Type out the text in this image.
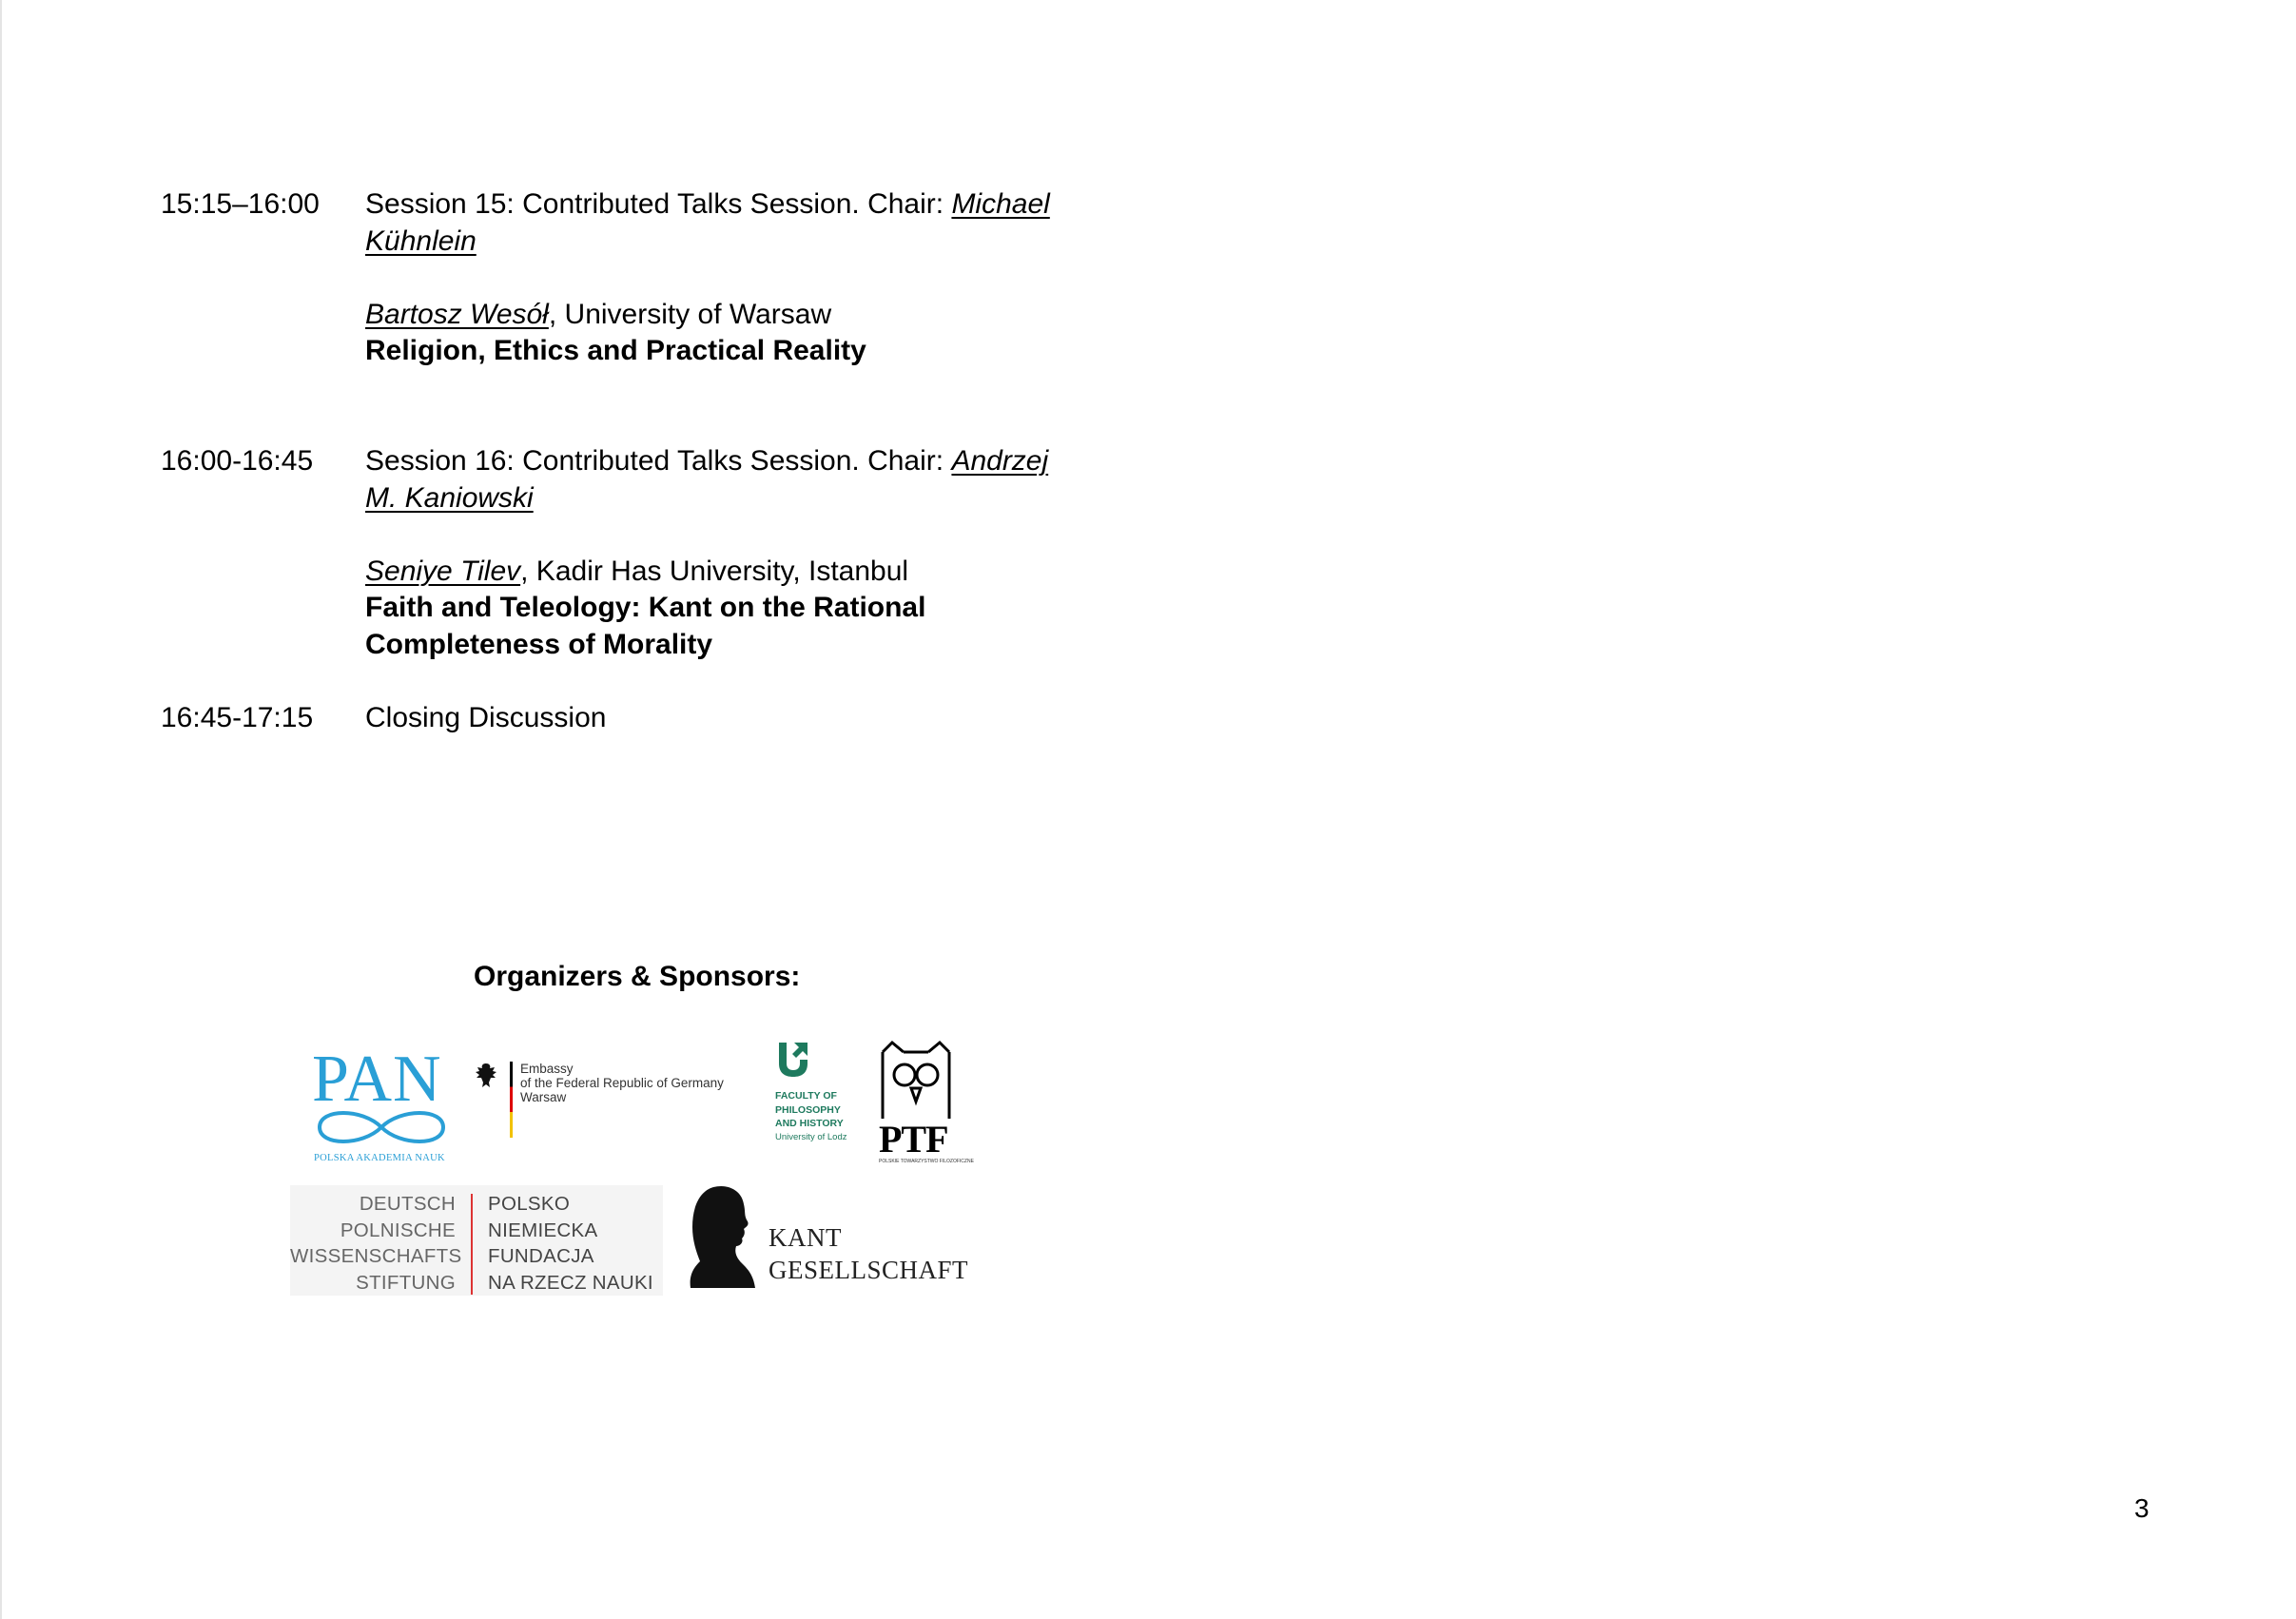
15:15–16:00 Session 15: Contributed Talks Session. Chair: Michael
Kühnlein
Bartosz Wesół, University of Warsaw
Religion, Ethics and Practical Reality
16:00-16:45 Session 16: Contributed Talks Session. Chair: Andrzej
M. Kaniowski
Seniye Tilev, Kadir Has University, Istanbul
Faith and Teleology: Kant on the Rational
Completeness of Morality
16:45-17:15 Closing Discussion
Organizers & Sponsors:
PAN
POLSKA AKADEMIA NAUK
Embassy
of the Federal Republic of Germany
Warsaw	FACULTY OF
PHILOSOPHY
AND HISTORY
University of Lodz PTF
POLSKIE TOWARZYSTWO FILOZOFICZNE
DEUTSCH
POLNISCHE
WISSENSCHAFTS
STIFTUNG
POLSKO
NIEMIECKA
FUNDACJA
NA RZECZ NAUKI
KANT
GESELLSCHAFT
3
